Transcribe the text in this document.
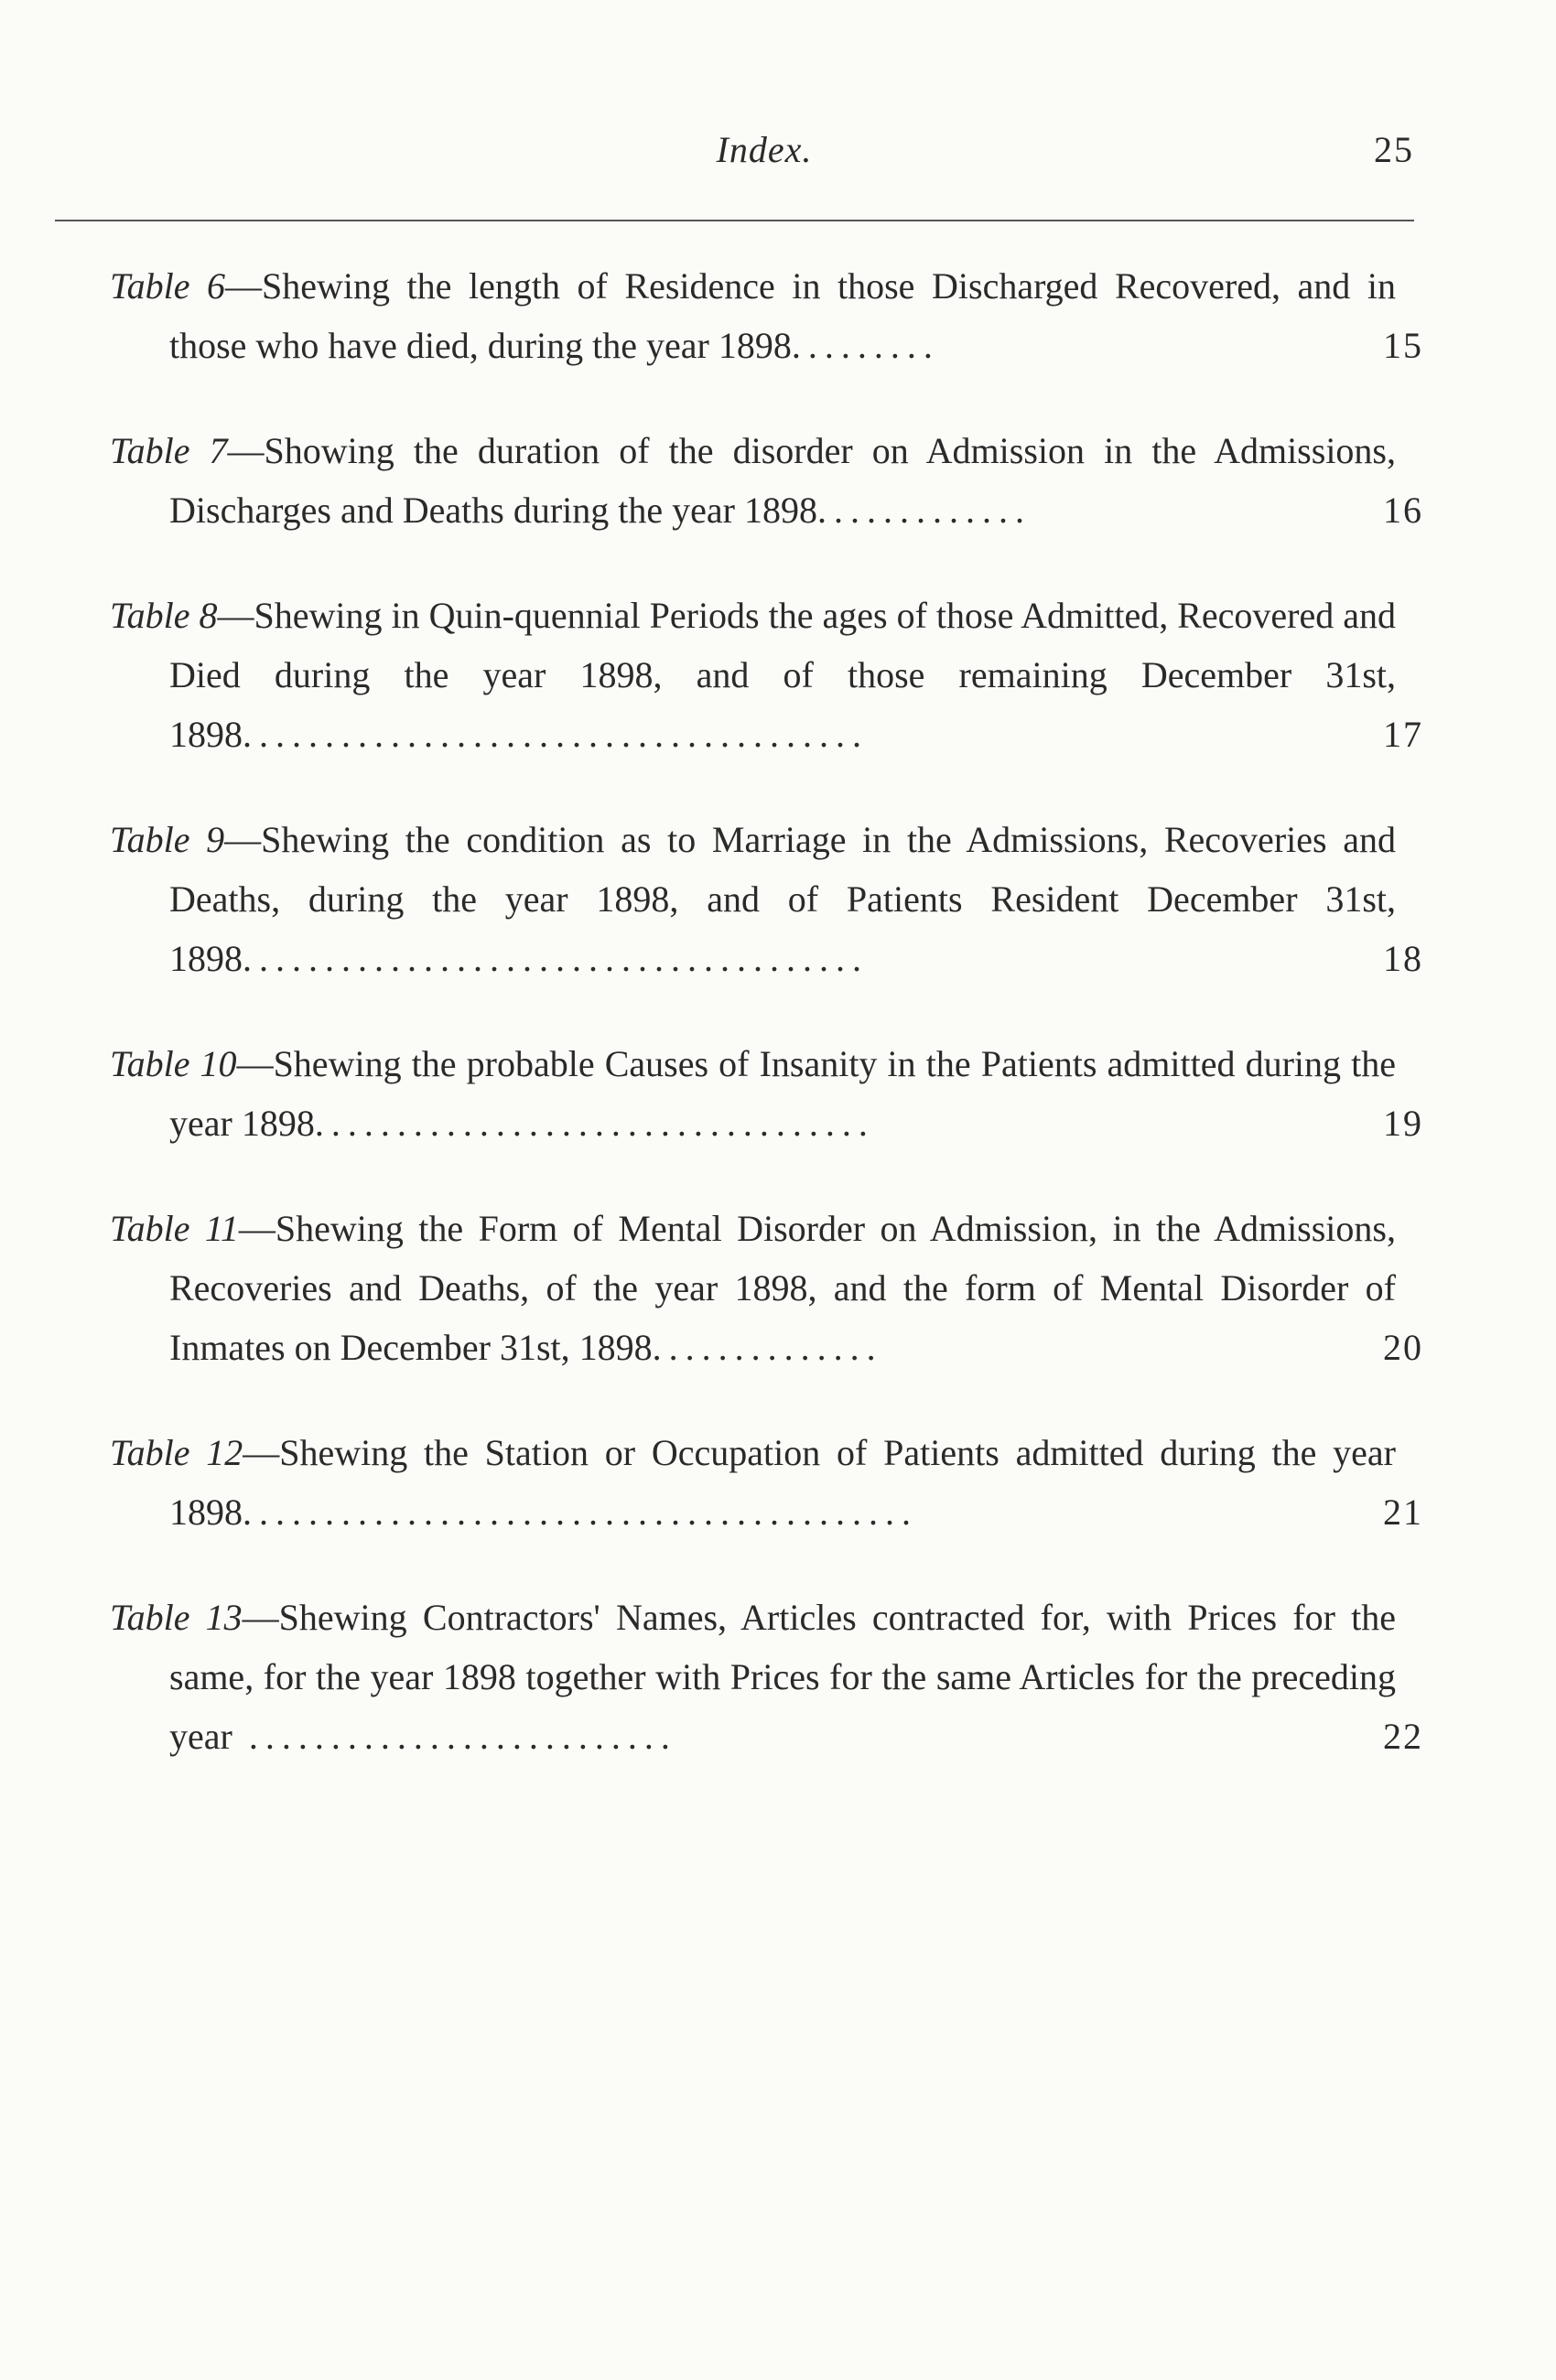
Index.	25
Table 6—Shewing the length of Residence in those Discharged Recovered, and in those who have died, during the year 1898.........	15
Table 7—Showing the duration of the disorder on Admission in the Admissions, Discharges and Deaths during the year 1898.............	16
Table 8—Shewing in Quin-quennial Periods the ages of those Admitted, Recovered and Died during the year 1898, and of those remaining December 31st, 1898......................................	17
Table 9—Shewing the condition as to Marriage in the Admissions, Recoveries and Deaths, during the year 1898, and of Patients Resident December 31st, 1898......................................	18
Table 10—Shewing the probable Causes of Insanity in the Patients admitted during the year 1898..................................	19
Table 11—Shewing the Form of Mental Disorder on Admission, in the Admissions, Recoveries and Deaths, of the year 1898, and the form of Mental Disorder of Inmates on December 31st, 1898..............	20
Table 12—Shewing the Station or Occupation of Patients admitted during the year 1898.........................................	21
Table 13—Shewing Contractors' Names, Articles contracted for, with Prices for the same, for the year 1898 together with Prices for the same Articles for the preceding year ..........................	22
